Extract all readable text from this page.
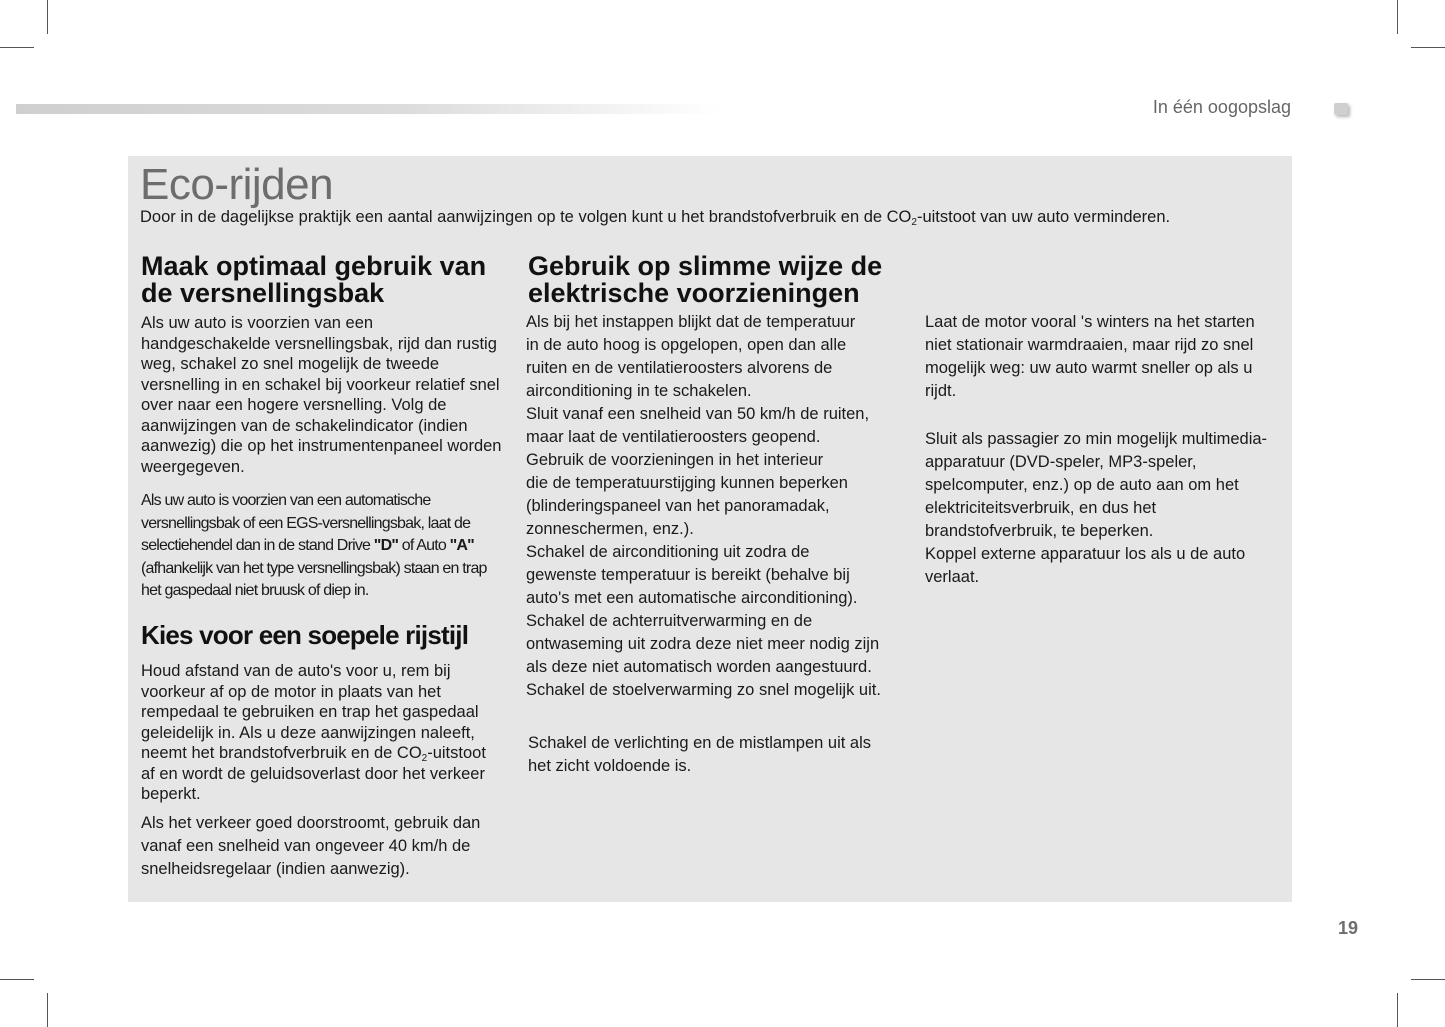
In één oogopslag
Eco-rijden
Door in de dagelijkse praktijk een aantal aanwijzingen op te volgen kunt u het brandstofverbruik en de $CO_2$-uitstoot van uw auto verminderen.
Maak optimaal gebruik van de versnellingsbak
Als uw auto is voorzien van een handgeschakelde versnellingsbak, rijd dan rustig weg, schakel zo snel mogelijk de tweede versnelling in en schakel bij voorkeur relatief snel over naar een hogere versnelling. Volg de aanwijzingen van de schakelindicator (indien aanwezig) die op het instrumentenpaneel worden weergegeven.
Als uw auto is voorzien van een automatische versnellingsbak of een EGS-versnellingsbak, laat de selectiehendel dan in de stand Drive "D" of Auto "A" (afhankelijk van het type versnellingsbak) staan en trap het gaspedaal niet bruusk of diep in.
Kies voor een soepele rijstijl
Houd afstand van de auto's voor u, rem bij voorkeur af op de motor in plaats van het rempedaal te gebruiken en trap het gaspedaal geleidelijk in. Als u deze aanwijzingen naleeft, neemt het brandstofverbruik en de $CO_2$-uitstoot af en wordt de geluidsoverlast door het verkeer beperkt.
Als het verkeer goed doorstroomt, gebruik dan vanaf een snelheid van ongeveer 40 km/h de snelheidsregelaar (indien aanwezig).
Gebruik op slimme wijze de elektrische voorzieningen
Als bij het instappen blijkt dat de temperatuur
in de auto hoog is opgelopen, open dan alle
ruiten en de ventilatieroosters alvorens de
airconditioning in te schakelen.
Sluit vanaf een snelheid van 50 km/h de ruiten,
maar laat de ventilatieroosters geopend.
Gebruik de voorzieningen in het interieur
die de temperatuurstijging kunnen beperken
(blinderingspaneel van het panoramadak,
zonneschermen, enz.).
Schakel de airconditioning uit zodra de
gewenste temperatuur is bereikt (behalve bij
auto's met een automatische airconditioning).
Schakel de achterruitverwarming en de
ontwaseming uit zodra deze niet meer nodig zijn
als deze niet automatisch worden aangestuurd.
Schakel de stoelverwarming zo snel mogelijk uit.
Schakel de verlichting en de mistlampen uit als het zicht voldoende is.
Laat de motor vooral 's winters na het starten niet stationair warmdraaien, maar rijd zo snel mogelijk weg: uw auto warmt sneller op als u rijdt.
Sluit als passagier zo min mogelijk multimedia-apparatuur (DVD-speler, MP3-speler, spelcomputer, enz.) op de auto aan om het elektriciteitsverbruik, en dus het brandstofverbruik, te beperken.
Koppel externe apparatuur los als u de auto verlaat.
19
